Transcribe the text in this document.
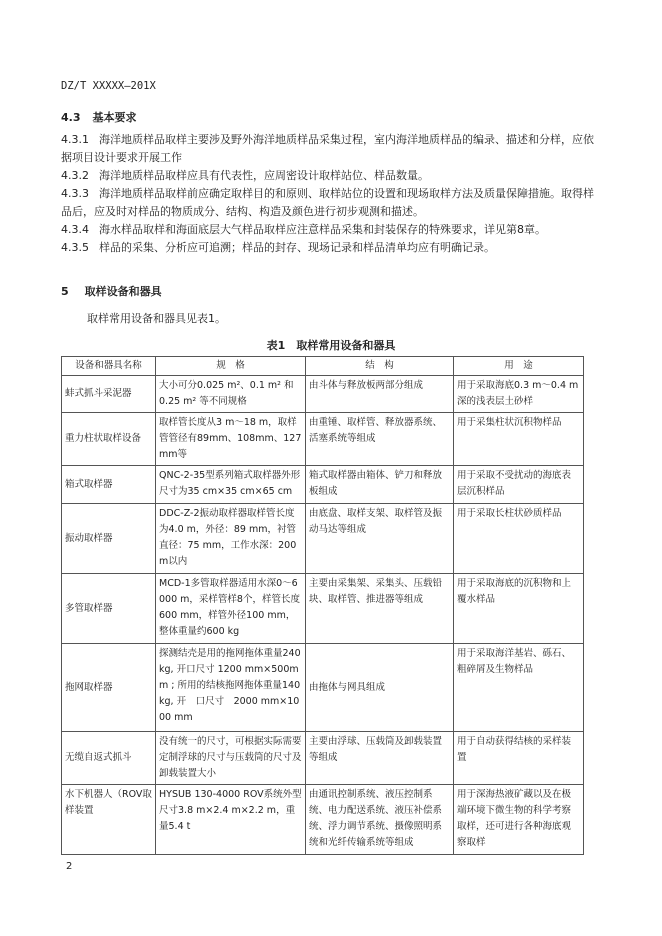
DZ/T XXXXX—201X
4.3 基本要求

4.3.1 海洋地质样品取样主要涉及野外海洋地质样品采集过程，室内海洋地质样品的编录、描述和分样，应依据项目设计要求开展工作

4.3.2 海洋地质样品取样应具有代表性，应周密设计取样站位、样品数量。

4.3.3 海洋地质样品取样前应确定取样目的和原则、取样站位的设置和现场取样方法及质量保障措施。取得样品后，应及时对样品的物质成分、结构、构造及颜色进行初步观测和描述。

4.3.4 海水样品取样和海面底层大气样品取样应注意样品采集和封装保存的特殊要求，详见第8章。

4.3.5 样品的采集、分析应可追溯；样品的封存、现场记录和样品清单均应有明确记录。

5 取样设备和器具
取样常用设备和器具见表1。
表1　取样常用设备和器具
设备和器具名称	规　格	结　构	用　途
蚌式抓斗采泥器	大小可分0.025 m²、0.1 m² 和 0.25 m² 等不同规格	由斗体与释放板两部分组成	用于采取海底0.3 m～0.4 m 深的浅表层土砂样
重力柱状取样设备	取样管长度从3 m～18 m，取样管管径有89mm、108mm、127mm等	由重锤、取样管、释放器系统、活塞系统等组成	用于采集柱状沉积物样品
箱式取样器	QNC-2-35型系列箱式取样器外形尺寸为35 cm×35 cm×65 cm	箱式取样器由箱体、铲刀和释放板组成	用于采取不受扰动的海底表层沉积样品
振动取样器	DDC-Z-2振动取样器取样管长度为4.0 m，外径：89 mm，衬管直径：75 mm，工作水深：200 m以内	由底盘、取样支架、取样管及振动马达等组成	用于采取长柱状砂质样品
多管取样器	MCD-1多管取样器适用水深0～6000 m，采样管样8个，样管长度600 mm，样管外径100 mm，整体重量约600 kg	主要由采集架、采集头、压载铅块、取样管、推进器等组成	用于采取海底的沉积物和上覆水样品
拖网取样器	探测结壳是用的拖网拖体重量240 kg, 开口尺寸 1200 mm×500mm ; 所用的结核拖网拖体重量140 kg, 开　口尺寸　2000 mm×1000 mm	由拖体与网具组成	用于采取海洋基岩、砾石、粗碎屑及生物样品
无缆自返式抓斗	没有统一的尺寸，可根据实际需要定制浮球的尺寸与压载筒的尺寸及卸载装置大小	主要由浮球、压载筒及卸载装置等组成	用于自动获得结核的采样装置
水下机器人（ROV取样装置	HYSUB 130-4000 ROV系统外型尺寸3.8 m×2.4 m×2.2 m，重量5.4 t	由通讯控制系统、液压控制系统、电力配送系统、液压补偿系统、浮力调节系统、摄像照明系统和光纤传输系统等组成	用于深海热液矿藏以及在极端环境下微生物的科学考察取样，还可进行各种海底观察取样
2
